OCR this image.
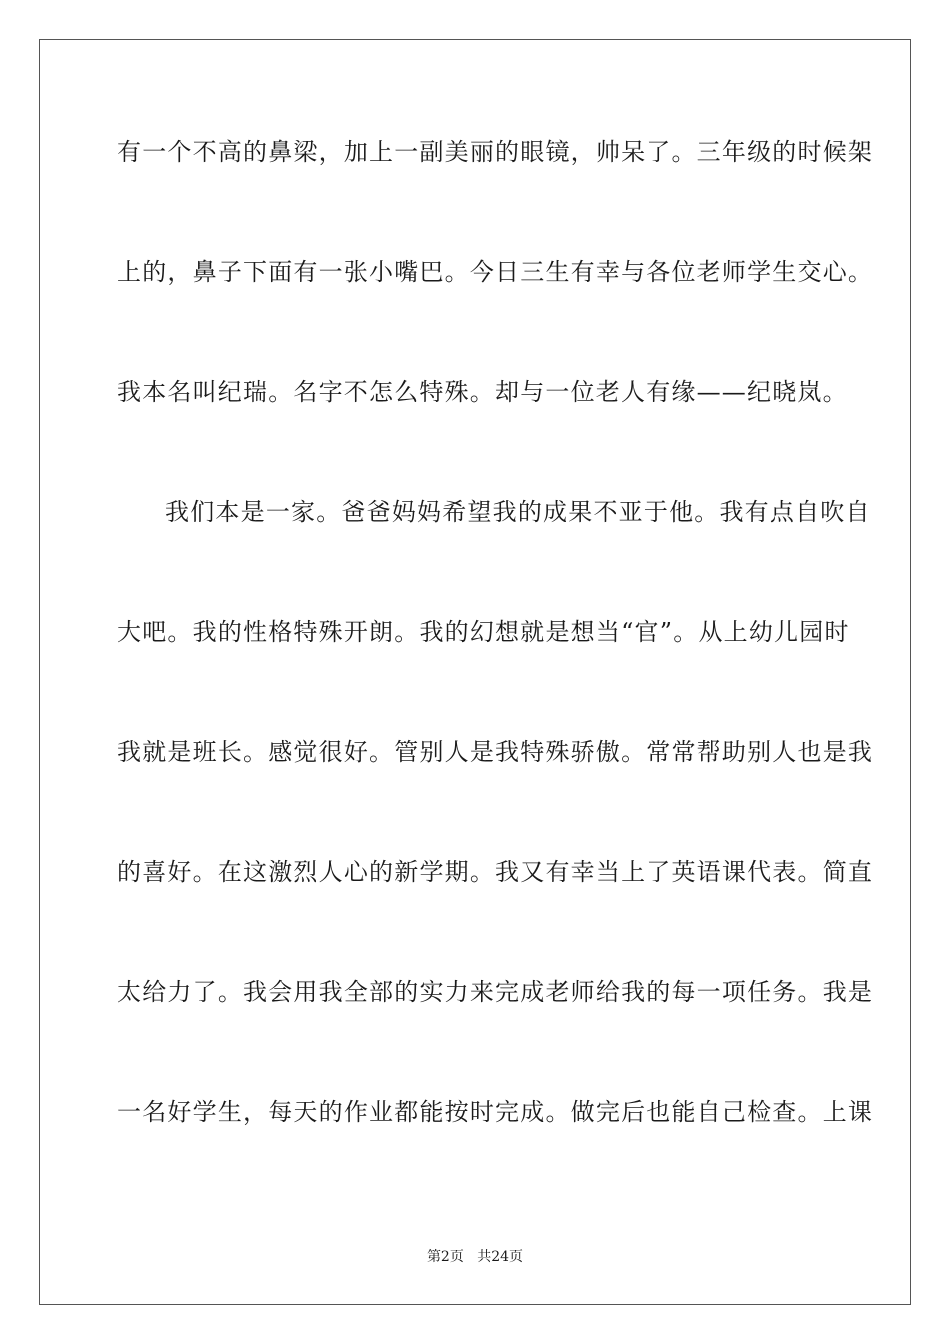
有 一 个 不 高 的 鼻 梁 ， 加 上 一 副 美 丽 的 眼 镜 ， 帅 呆 了 。 三 年 级 的 时 候 架
上 的 ， 鼻 子 下 面 有 一 张 小 嘴 巴 。 今 日 三 生 有 幸 与 各 位 老 师 学 生 交 心 。
我本名叫纪瑞。名字不怎么特殊。却与一位老人有缘——纪晓岚。
我 们 本 是 一 家 。 爸 爸 妈 妈 希 望 我 的 成 果 不 亚 于 他 。 我 有 点 自 吹 自
大 吧 。 我 的 性 格 特 殊 开 朗 。 我 的 幻 想 就 是 想 当 “ 官 ” 。 从 上 幼 儿 园 时
我 就 是 班 长 。 感 觉 很 好 。 管 别 人 是 我 特 殊 骄 傲 。 常 常 帮 助 别 人 也 是 我
的 喜 好 。 在 这 激 烈 人 心 的 新 学 期 。 我 又 有 幸 当 上 了 英 语 课 代 表 。 简 直
太 给 力 了 。 我 会 用 我 全 部 的 实 力 来 完 成 老 师 给 我 的 每 一 项 任 务 。 我 是
一 名 好 学 生 ， 每 天 的 作 业 都 能 按 时 完 成 。 做 完 后 也 能 自 己 检 查 。 上 课
第2页 共24页
